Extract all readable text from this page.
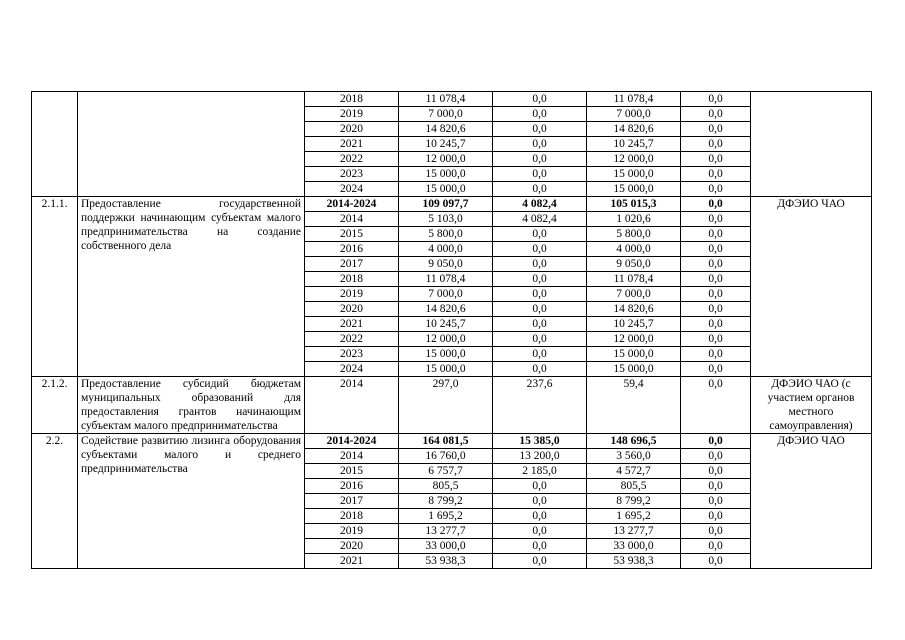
		2018	11 078,4	0,0	11 078,4	0,0	
		2019	7 000,0	0,0	7 000,0	0,0	
		2020	14 820,6	0,0	14 820,6	0,0	
		2021	10 245,7	0,0	10 245,7	0,0	
		2022	12 000,0	0,0	12 000,0	0,0	
		2023	15 000,0	0,0	15 000,0	0,0	
		2024	15 000,0	0,0	15 000,0	0,0	
2.1.1.	Предоставление государственной поддержки начинающим субъектам малого предпринимательства на создание собственного дела	2014-2024	109 097,7	4 082,4	105 015,3	0,0	ДФЭИО ЧАО
		2014	5 103,0	4 082,4	1 020,6	0,0	
		2015	5 800,0	0,0	5 800,0	0,0	
		2016	4 000,0	0,0	4 000,0	0,0	
		2017	9 050,0	0,0	9 050,0	0,0	
		2018	11 078,4	0,0	11 078,4	0,0	
		2019	7 000,0	0,0	7 000,0	0,0	
		2020	14 820,6	0,0	14 820,6	0,0	
		2021	10 245,7	0,0	10 245,7	0,0	
		2022	12 000,0	0,0	12 000,0	0,0	
		2023	15 000,0	0,0	15 000,0	0,0	
		2024	15 000,0	0,0	15 000,0	0,0	
2.1.2.	Предоставление субсидий бюджетам муниципальных образований для предоставления грантов начинающим субъектам малого предпринимательства	2014	297,0	237,6	59,4	0,0	ДФЭИО ЧАО (с участием органов местного самоуправления)
2.2.	Содействие развитию лизинга оборудования субъектами малого и среднего предпринимательства	2014-2024	164 081,5	15 385,0	148 696,5	0,0	ДФЭИО ЧАО
		2014	16 760,0	13 200,0	3 560,0	0,0	
		2015	6 757,7	2 185,0	4 572,7	0,0	
		2016	805,5	0,0	805,5	0,0	
		2017	8 799,2	0,0	8 799,2	0,0	
		2018	1 695,2	0,0	1 695,2	0,0	
		2019	13 277,7	0,0	13 277,7	0,0	
		2020	33 000,0	0,0	33 000,0	0,0	
		2021	53 938,3	0,0	53 938,3	0,0	
